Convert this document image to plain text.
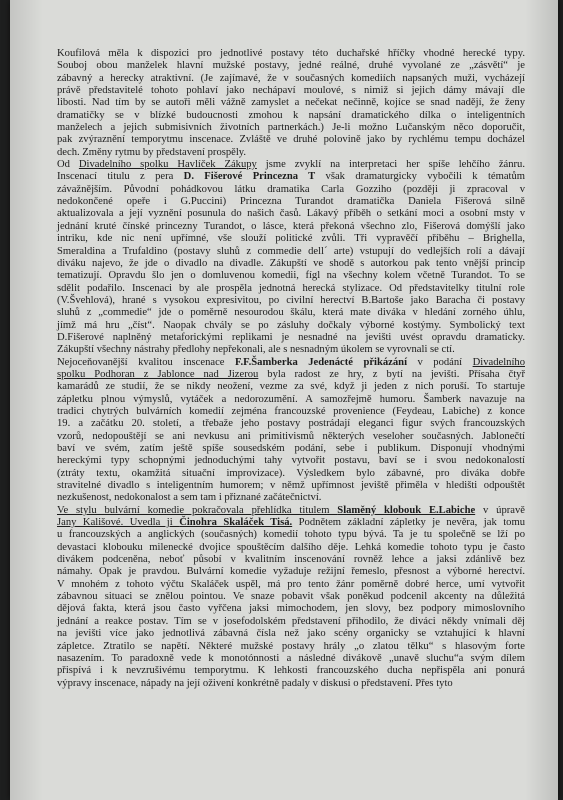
Koufilová měla k dispozici pro jednotlivé postavy této duchařské hříčky vhodné herecké typy.
Souboj obou manželek hlavní mužské postavy, jedné reálné, druhé vyvolané ze „zásvětí“ je
zábavný a herecky atraktivní. (Je zajímavé, že v současných komediích napsaných muži, vycházejí
právě představitelé tohoto pohlaví jako nechápaví moulové, s nimiž si jejich dámy mávají dle
libosti. Nad tím by se autoři měli vážně zamyslet a nečekat nečinně, kojíce se snad nadějí, že ženy
dramatičky se v blízké budoucnosti zmohou k napsání dramatického dílka o inteligentních
manželech a jejich submisivních životních partnerkách.) Je-li možno Lučanským něco doporučit,
pak zvýraznění temporytmu inscenace. Zvláště ve druhé polovině jako by rychlému tempu docházel
dech. Změny rytmu by představení prospěly.
Od Divadelního spolku Havlíček Zákupy jsme zvyklí na interpretaci her spíše lehčího žánru.
Inscenací titulu z pera D. Fišerové Princezna T však dramaturgicky vybočili k tématům
závažnějším. Původní pohádkovou látku dramatika Carla Gozziho (později ji zpracoval v
nedokončené opeře i G.Puccini) Princezna Turandot dramatička Daniela Fišerová silně
aktualizovala a její vyznění posunula do našich časů. Lákavý příběh o setkání moci a osobní msty v
jednání kruté čínské princezny Turandot, o lásce, která překoná všechno zlo, Fišerová domýšlí jako
intriku, kde nic není upřímné, vše slouží politické zvůli. Tři vypravěčí příběhu – Brighella,
Smeraldina a Trufaldino (postavy sluhů z commedie dell´ arte) vstupují do vedlejších rolí a dávají
diváku najevo, že jde o divadlo na divadle. Zákupští ve shodě s autorkou pak tento vnější princip
tematizují. Opravdu šlo jen o domluvenou komedii, fígl na všechny kolem včetně Turandot. To se
sdělit podařilo. Inscenaci by ale prospěla jednotná herecká stylizace. Od představitelky titulní role
(V.Švehlová), hrané s vysokou expresivitou, po civilní herectví B.Bartoše jako Baracha či postavy
sluhů z „commedie“ jde o poměrně nesourodou škálu, která mate diváka v hledání zorného úhlu,
jímž má hru „číst“. Naopak chvály se po zásluhy dočkaly výborné kostýmy. Symbolický text
D.Fišerové naplněný metaforickými replikami je nesnadné na jevišti uvést opravdu dramaticky.
Zákupští všechny nástrahy předlohy nepřekonali, ale s nesnadným úkolem se vyrovnali se ctí.
Nejoceňovanější kvalitou inscenace F.F.Šamberka Jedenácté přikázání v podání Divadelního
spolku Podhoran z Jablonce nad Jizerou byla radost ze hry, z bytí na jevišti. Přísaha čtyř
kamarádů ze studií, že se nikdy neožení, vezme za své, když ji jeden z nich poruší. To startuje
zápletku plnou výmyslů, vytáček a nedorozumění. A samozřejmě humoru. Šamberk navazuje na
tradici chytrých bulvárních komedií zejména francouzské provenience (Feydeau, Labiche) z konce
19. a začátku 20. století, a třebaže jeho postavy postrádají eleganci figur svých francouzských
vzorů, nedopouštějí se ani nevkusu ani primitivismů některých veseloher současných. Jablonečtí
baví ve svém, zatím ještě spíše sousedském podání, sebe i publikum. Disponují vhodnými
hereckými typy schopnými jednoduchými tahy vytvořit postavu, baví se i svou nedokonalostí
(ztráty textu, okamžitá situační improvizace). Výsledkem bylo zábavné, pro diváka dobře
stravitelné divadlo s inteligentním humorem; v němž upřímnost jeviště přiměla v hledišti odpouštět
nezkušenost, nedokonalost a sem tam i přiznané začátečnictví.
Ve stylu bulvární komedie pokračovala přehlídka titulem Slaměný klobouk E.Labiche v úpravě
Jany Kališové. Uvedla ji Činohra Skaláček Tisá. Podnětem základní zápletky je nevěra, jak tomu
u francouzských a anglických (současných) komedií tohoto typu bývá. Ta je tu společně se lží po
devastaci klobouku milenecké dvojice spouštěcím dalšího děje. Lehká komedie tohoto typu je často
divákem podceněna, neboť působí v kvalitním inscenování rovněž lehce a jaksi zdánlivě bez
námahy. Opak je pravdou. Bulvární komedie vyžaduje režijní řemeslo, přesnost a výborné herectví.
V mnohém z tohoto výčtu Skaláček uspěl, má pro tento žánr poměrně dobré herce, umí vytvořit
zábavnou situaci se znělou pointou. Ve snaze pobavit však poněkud podcenil akcenty na důležitá
dějová fakta, která jsou často vyřčena jaksi mimochodem, jen slovy, bez podpory mimoslovního
jednání a reakce postav. Tím se v josefodolském představení přihodilo, že diváci někdy vnímali děj
na jevišti více jako jednotlivá zábavná čísla než jako scény organicky se vztahující k hlavní
zápletce. Ztratilo se napětí. Některé mužské postavy hrály „o zlatou tělku“ s hlasovým forte
nasazením. To paradoxně vede k monotónnosti a následné divákově „unavě sluchu“a svým dílem
přispívá i k nevzrušivému temporytmu. K lehkosti francouzského ducha nepřispěla ani ponurá
výpravy inscenace, nápady na její oživení konkrétně padaly v diskusi o představení. Přes tyto
